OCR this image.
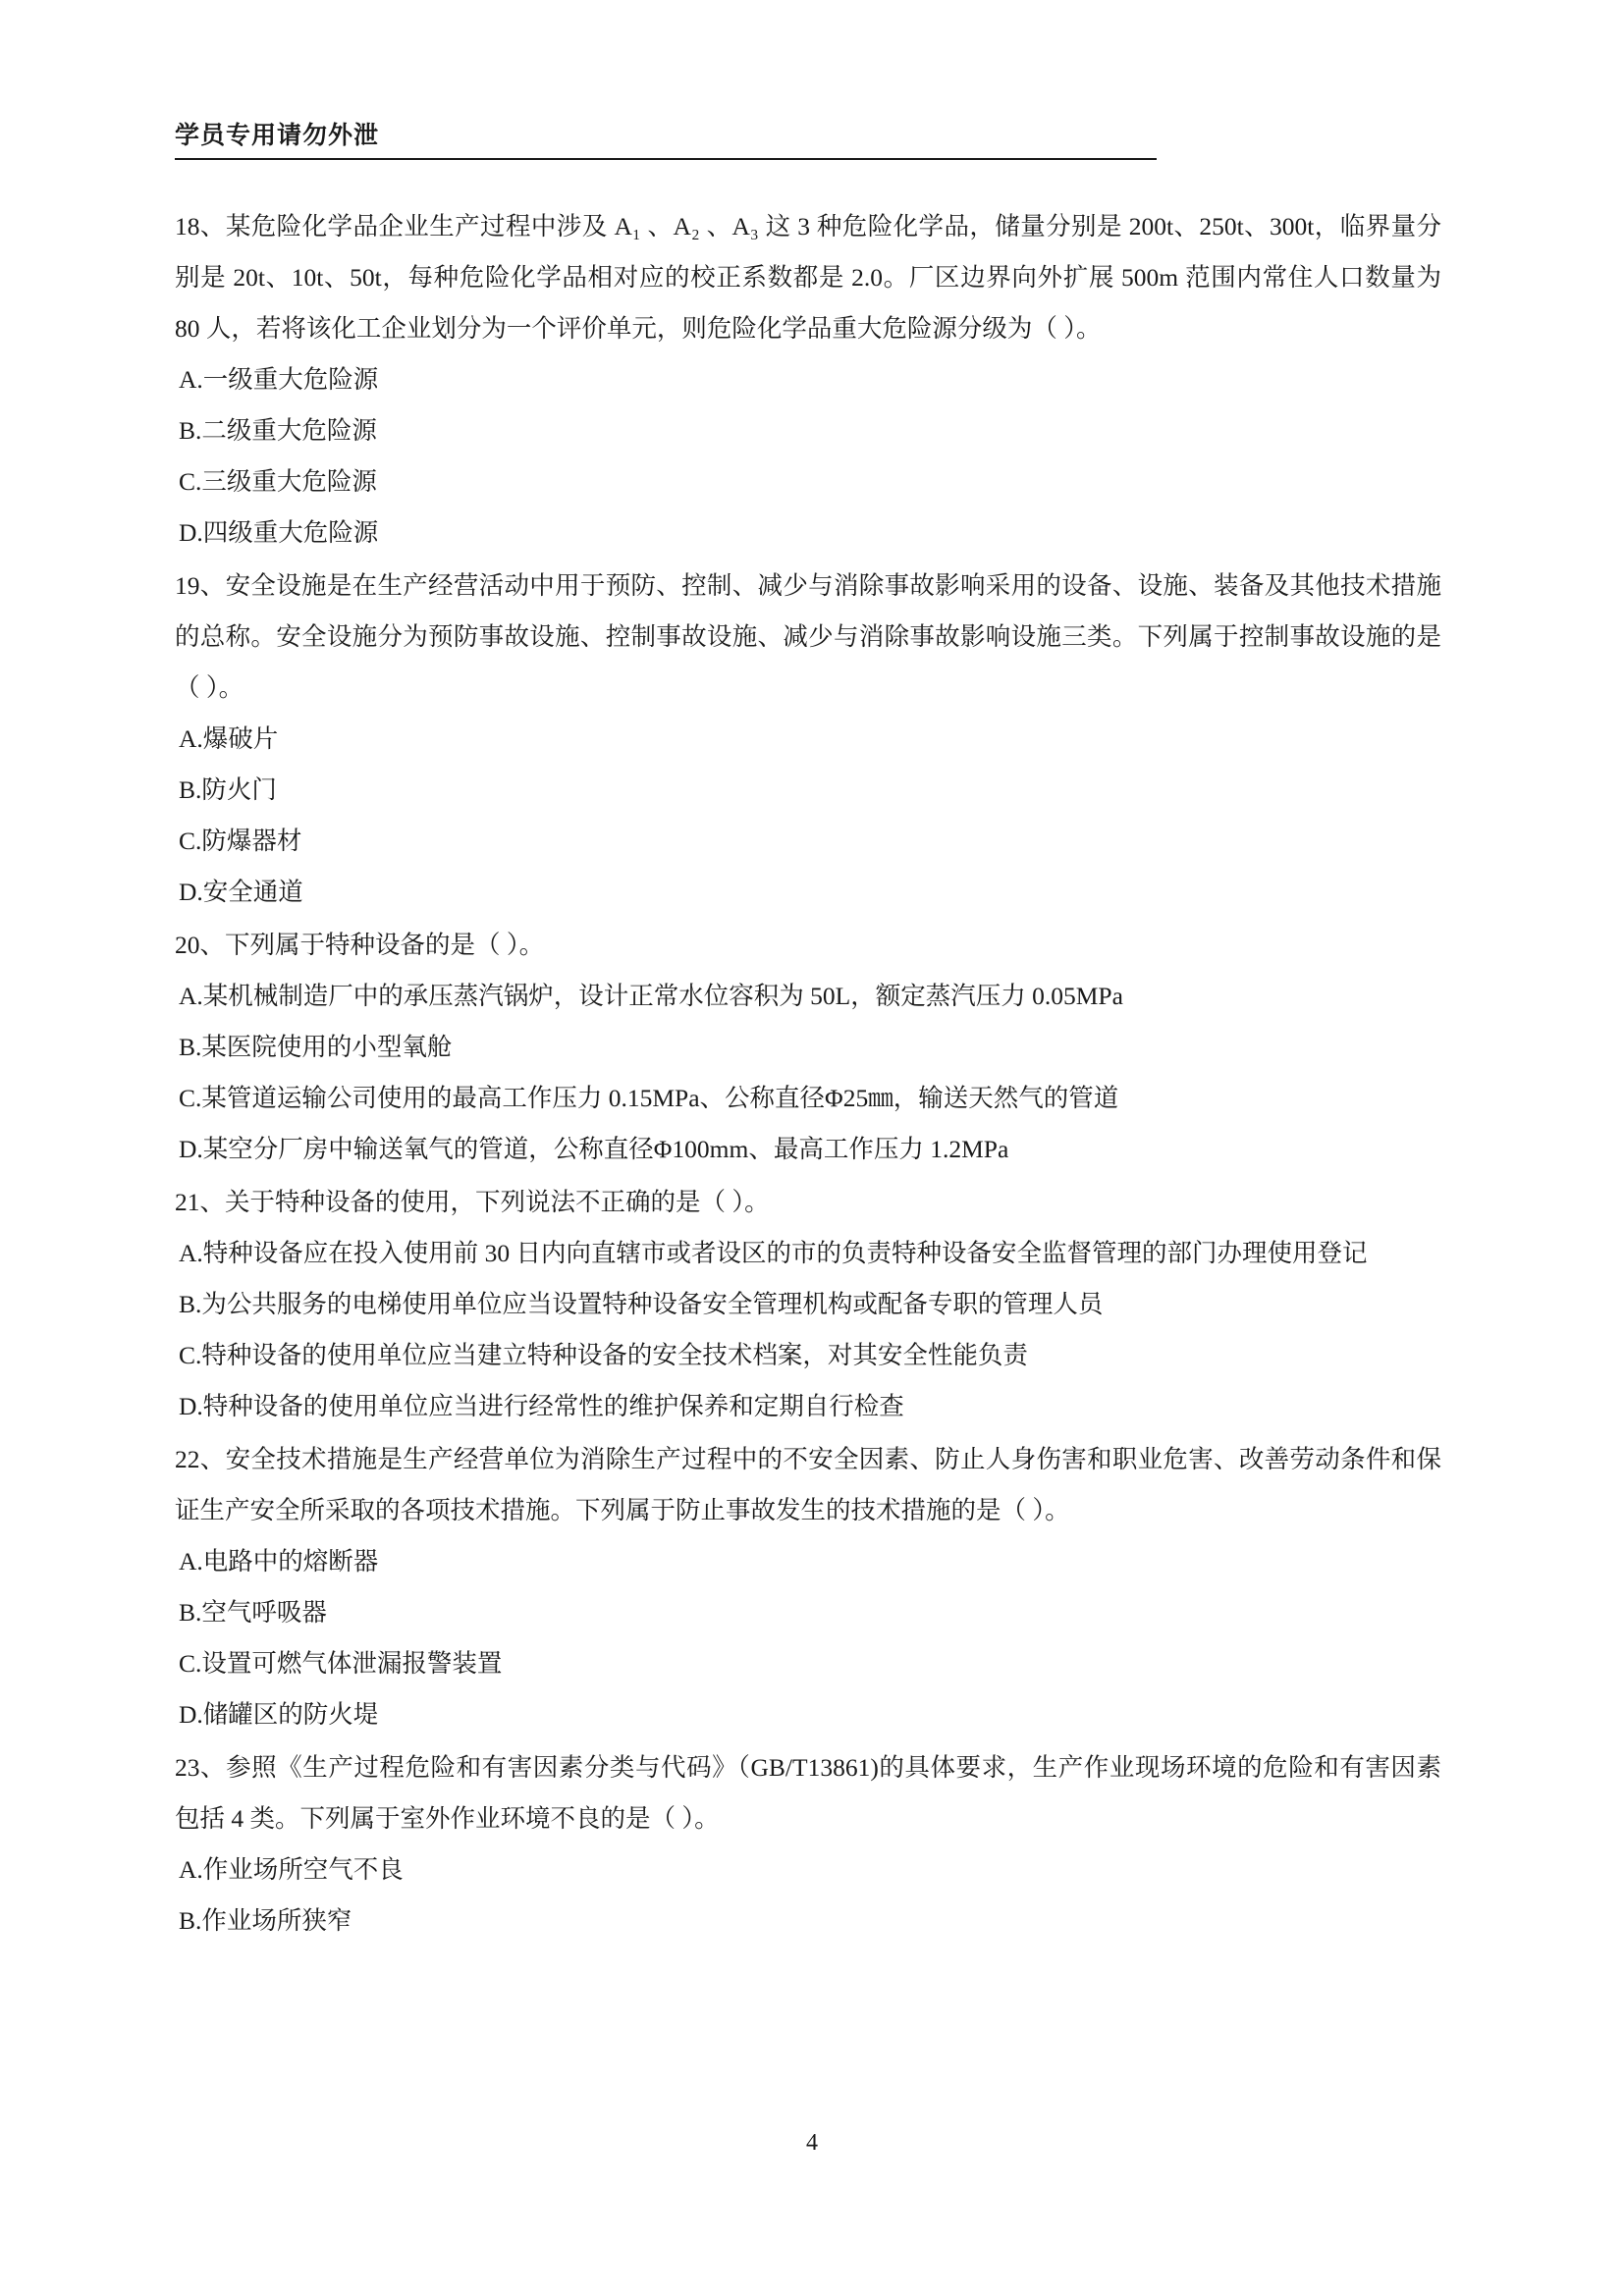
学员专用请勿外泄

18、某危险化学品企业生产过程中涉及 A₁ 、A₂ 、A₃ 这 3 种危险化学品，储量分别是 200t、250t、300t，临界量分别是 20t、10t、50t，每种危险化学品相对应的校正系数都是 2.0。厂区边界向外扩展 500m 范围内常住人口数量为 80 人，若将该化工企业划分为一个评价单元，则危险化学品重大危险源分级为（ ）。

A.一级重大危险源

B.二级重大危险源

C.三级重大危险源

D.四级重大危险源

19、安全设施是在生产经营活动中用于预防、控制、减少与消除事故影响采用的设备、设施、装备及其他技术措施的总称。安全设施分为预防事故设施、控制事故设施、减少与消除事故影响设施三类。下列属于控制事故设施的是（ ）。

A.爆破片

B.防火门

C.防爆器材

D.安全通道

20、下列属于特种设备的是（ ）。

A.某机械制造厂中的承压蒸汽锅炉，设计正常水位容积为 50L，额定蒸汽压力 0.05MPa

B.某医院使用的小型氧舱

C.某管道运输公司使用的最高工作压力 0.15MPa、公称直径Φ25㎜，输送天然气的管道

D.某空分厂房中输送氧气的管道，公称直径Φ100mm、最高工作压力 1.2MPa

21、关于特种设备的使用，下列说法不正确的是（ ）。

A.特种设备应在投入使用前 30 日内向直辖市或者设区的市的负责特种设备安全监督管理的部门办理使用登记

B.为公共服务的电梯使用单位应当设置特种设备安全管理机构或配备专职的管理人员

C.特种设备的使用单位应当建立特种设备的安全技术档案，对其安全性能负责

D.特种设备的使用单位应当进行经常性的维护保养和定期自行检查

22、安全技术措施是生产经营单位为消除生产过程中的不安全因素、防止人身伤害和职业危害、改善劳动条件和保证生产安全所采取的各项技术措施。下列属于防止事故发生的技术措施的是（ ）。

A.电路中的熔断器

B.空气呼吸器

C.设置可燃气体泄漏报警装置

D.储罐区的防火堤

23、参照《生产过程危险和有害因素分类与代码》（GB/T13861)的具体要求，生产作业现场环境的危险和有害因素包括 4 类。下列属于室外作业环境不良的是（ ）。

A.作业场所空气不良

B.作业场所狭窄

4
